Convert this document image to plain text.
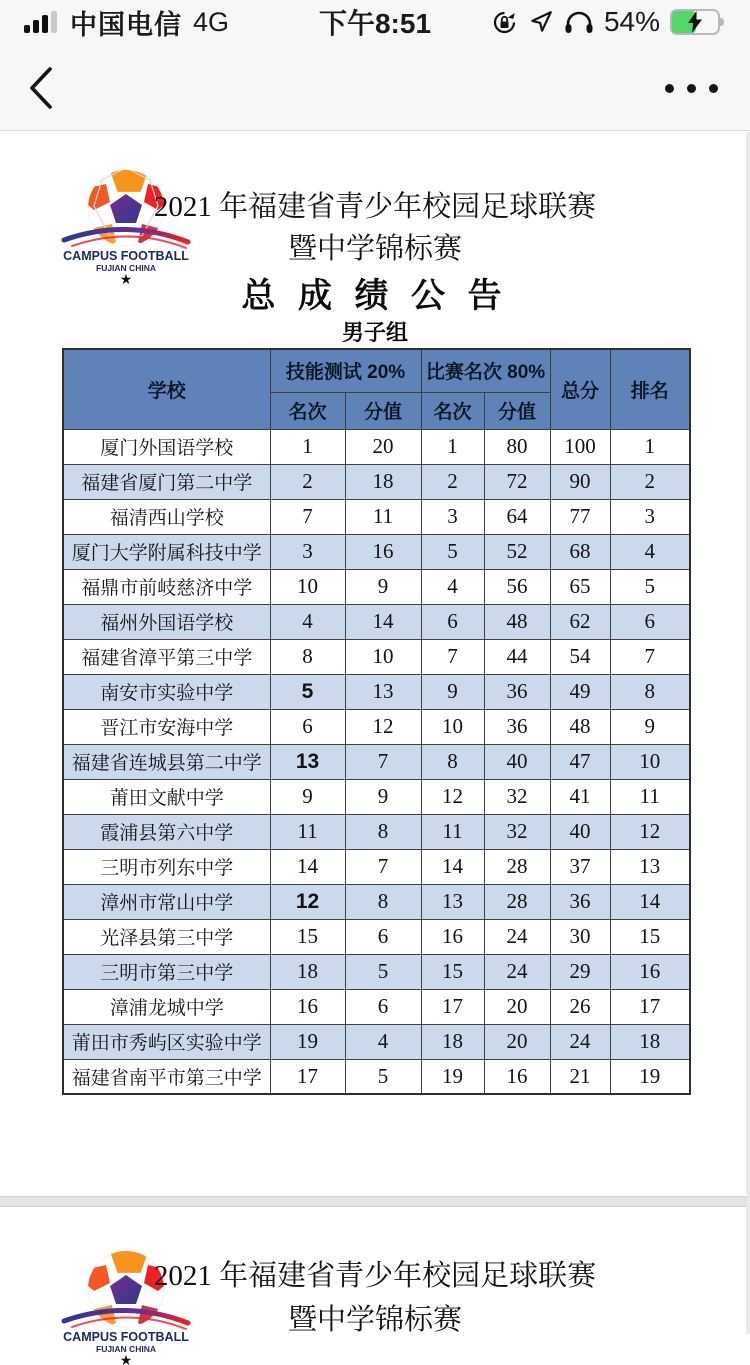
中国电信 4G	下午8:51	54%
CAMPUS FOOTBALL
FUJIAN CHINA
★
2021 年福建省青少年校园足球联赛
暨中学锦标赛
总 成 绩 公 告
男子组
学校	技能测试 20%		比赛名次 80%		总分	排名
	名次	分值	名次	分值		
厦门外国语学校	1	20	1	80	100	1
福建省厦门第二中学	2	18	2	72	90	2
福清西山学校	7	11	3	64	77	3
厦门大学附属科技中学	3	16	5	52	68	4
福鼎市前岐慈济中学	10	9	4	56	65	5
福州外国语学校	4	14	6	48	62	6
福建省漳平第三中学	8	10	7	44	54	7
南安市实验中学	5	13	9	36	49	8
晋江市安海中学	6	12	10	36	48	9
福建省连城县第二中学	13	7	8	40	47	10
莆田文献中学	9	9	12	32	41	11
霞浦县第六中学	11	8	11	32	40	12
三明市列东中学	14	7	14	28	37	13
漳州市常山中学	12	8	13	28	36	14
光泽县第三中学	15	6	16	24	30	15
三明市第三中学	18	5	15	24	29	16
漳浦龙城中学	16	6	17	20	26	17
莆田市秀屿区实验中学	19	4	18	20	24	18
福建省南平市第三中学	17	5	19	16	21	19
CAMPUS FOOTBALL
FUJIAN CHINA
★
2021 年福建省青少年校园足球联赛
暨中学锦标赛
